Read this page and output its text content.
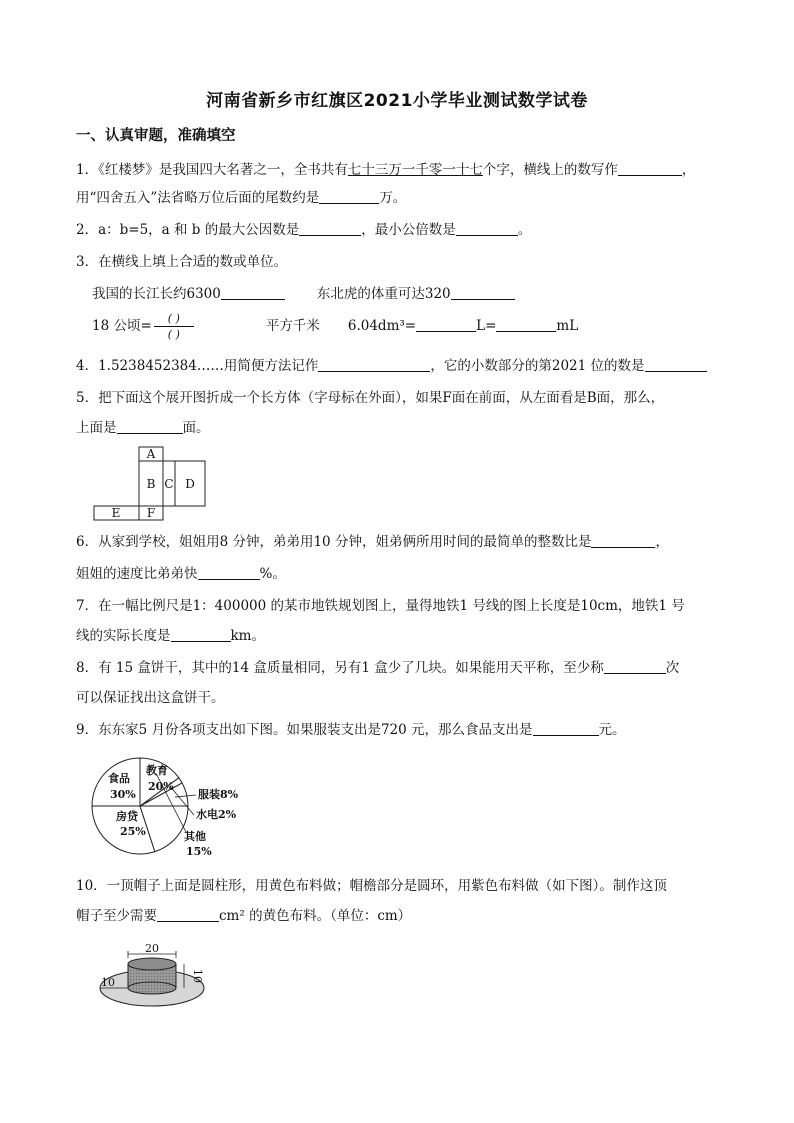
河南省新乡市红旗区2021小学毕业测试数学试卷
一、认真审题，准确填空
1．《红楼梦》是我国四大名著之一，全书共有七十三万一千零一十七个字，横线上的数写作	，
用“四舍五入”法省略万位后面的尾数约是	万。
2．a：b=5，a 和 b 的最大公因数是	，最小公倍数是	。
3．在横线上填上合适的数或单位。
我国的长江长约6300	东北虎的体重可达320
18 公顷= $\frac{( )}{( )}$	平方千米 6.04dm³=	L=	mL
4．1.5238452384……用简便方法记作	，它的小数部分的第2021 位的数是
5．把下面这个展开图折成一个长方体（字母标在外面），如果F面在前面，从左面看是B面，那么，
上面是	面。
A
B C D
E F
6．从家到学校，姐姐用8 分钟，弟弟用10 分钟，姐弟俩所用时间的最简单的整数比是	，
姐姐的速度比弟弟快	%。
7．在一幅比例尺是1：400000 的某市地铁规划图上，量得地铁1 号线的图上长度是10cm，地铁1 号
线的实际长度是	km。
8．有 15 盒饼干，其中的14 盒质量相同，另有1 盒少了几块。如果能用天平称，至少称	次
可以保证找出这盒饼干。
9．东东家5 月份各项支出如下图。如果服装支出是720 元，那么食品支出是	元。
食品
30%
教育
20%
房贷
25%
服装8%
水电2%
其他
15%
10．一顶帽子上面是圆柱形，用黄色布料做；帽檐部分是圆环，用紫色布料做（如下图）。制作这顶
帽子至少需要	cm² 的黄色布料。（单位：cm）
20
10	10
